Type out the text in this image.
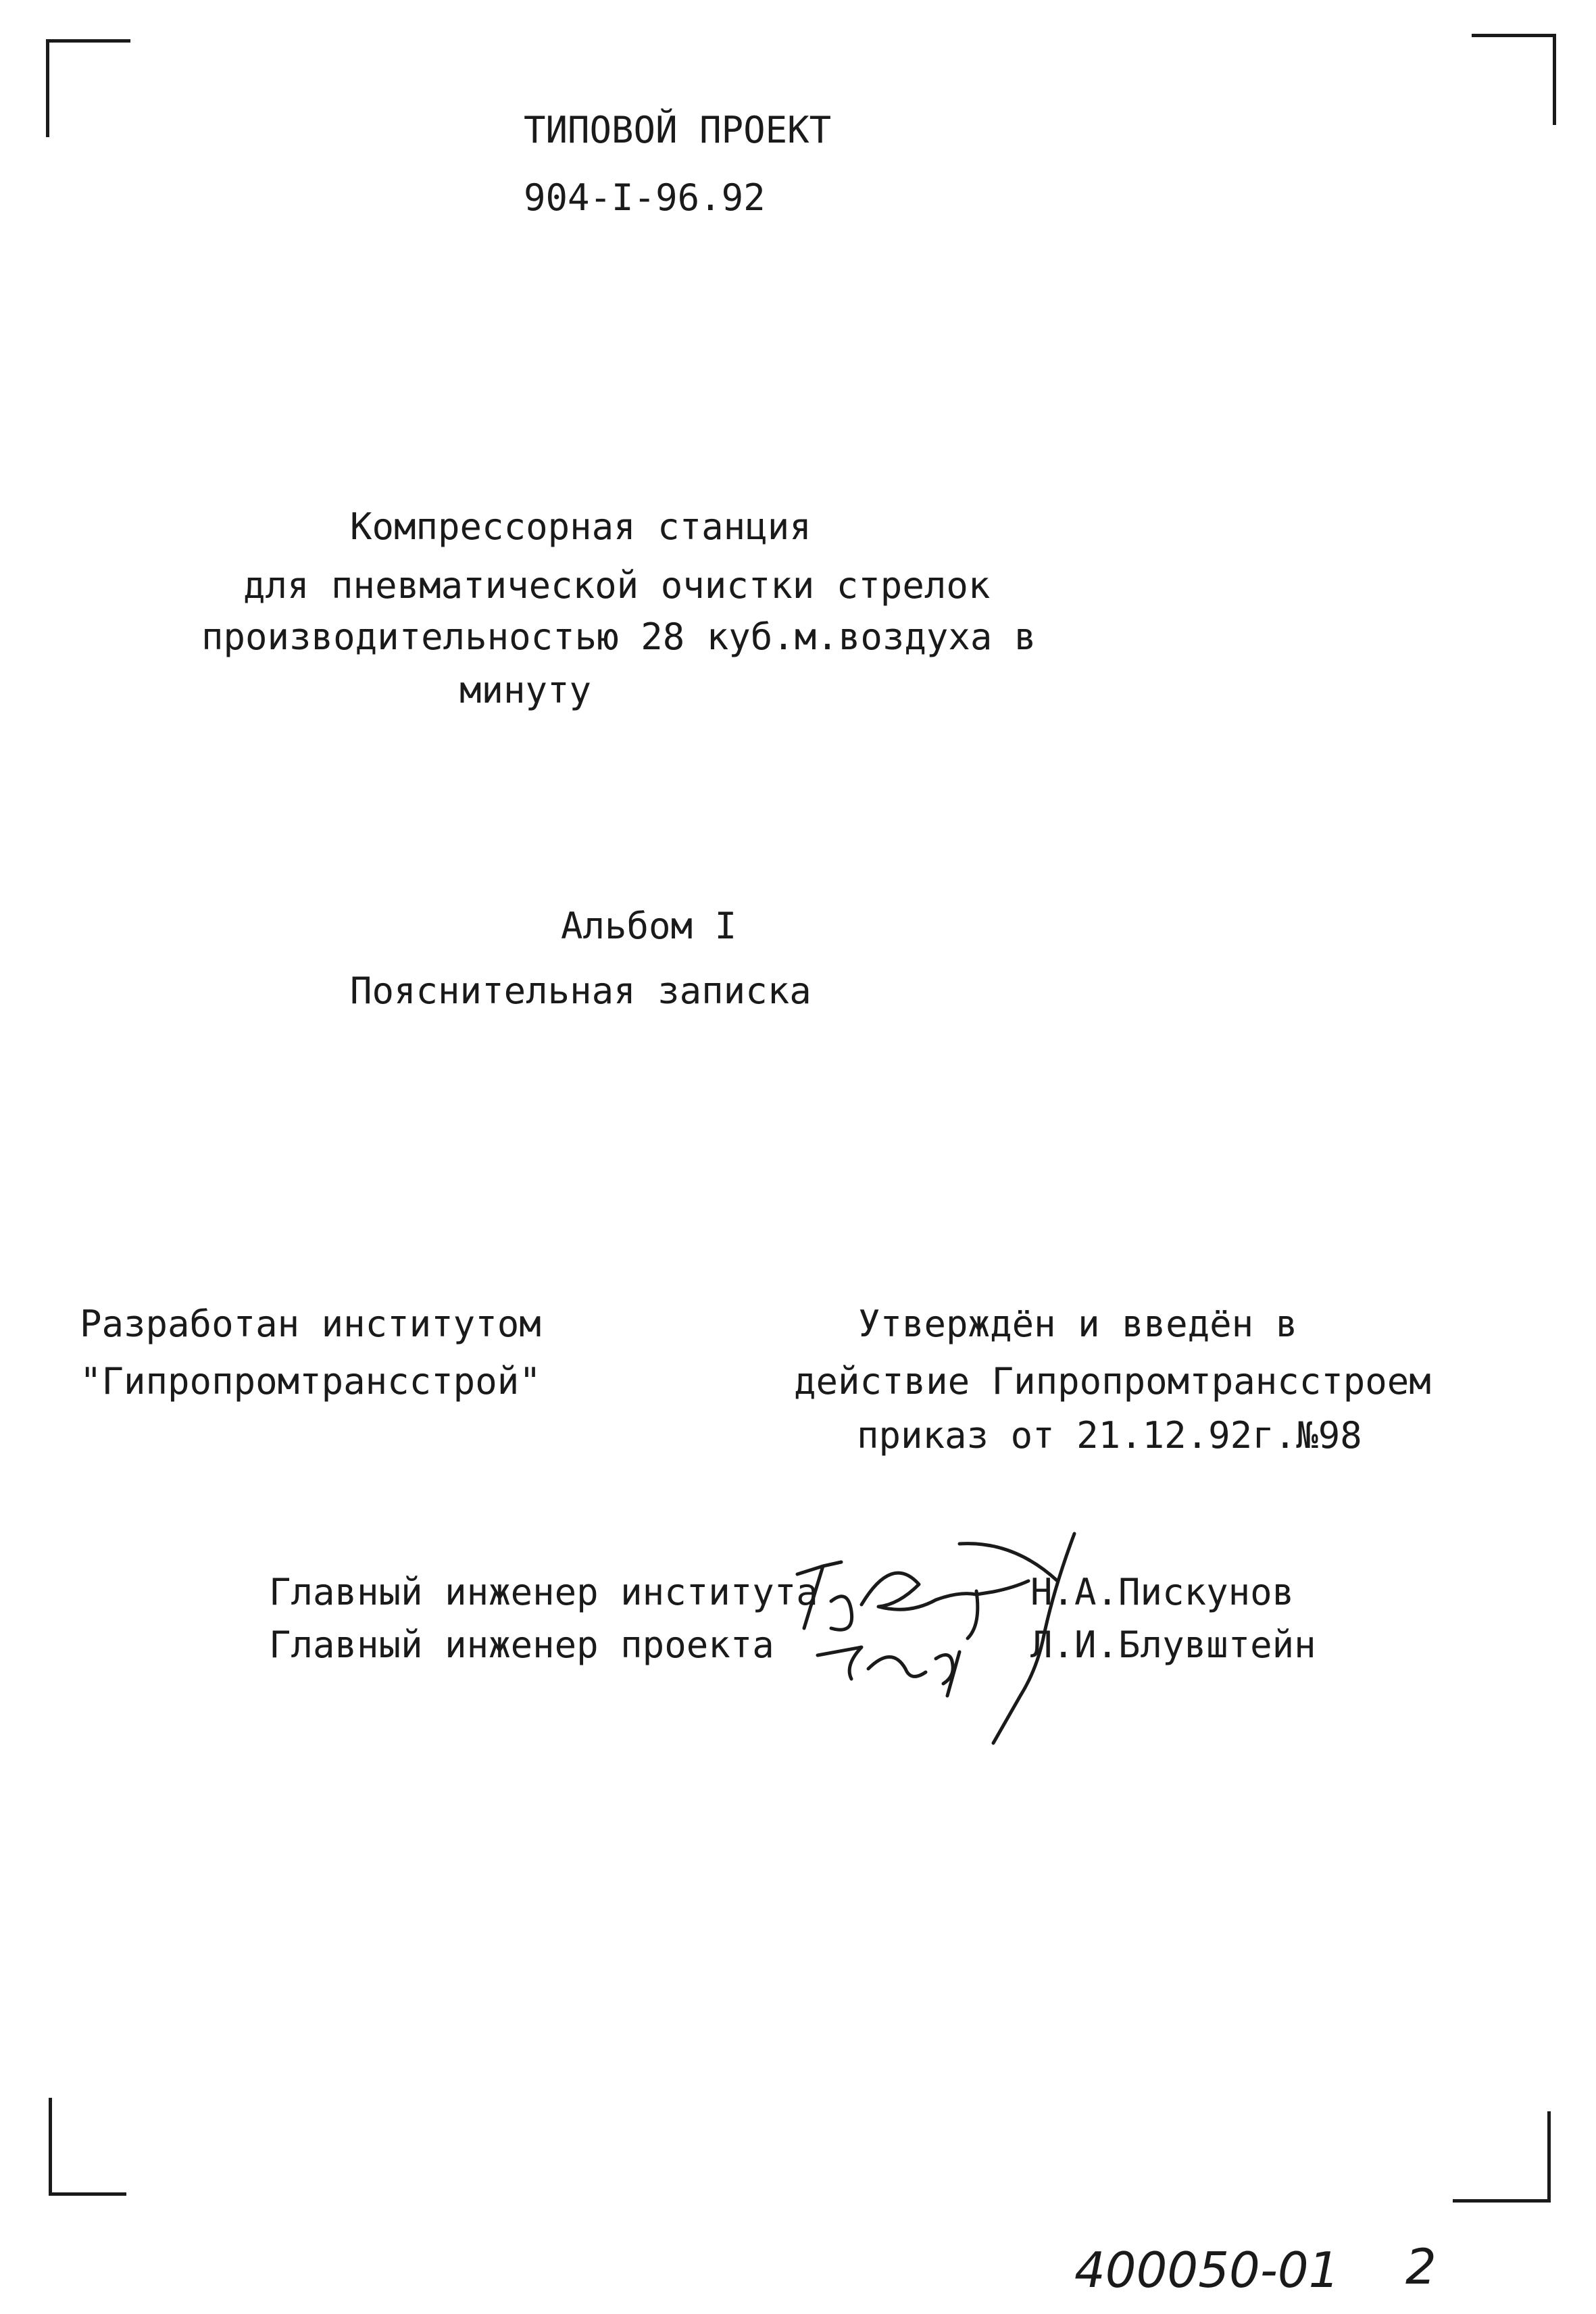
ТИПОВОЙ ПРОЕКТ

904-I-96.92

Компрессорная станция

для пневматической очистки стрелок

производительностью 28 куб.м.воздуха в

минуту

Альбом I

Пояснительная записка

Разработан институтом

"Гипропромтрансстрой"

Утверждён и введён в

действие Гипропромтрансстроем

приказ от 21.12.92г.№98

Главный инженер института	Н.А.Пискунов

Главный инженер проекта	Л.И.Блувштейн

400050-01 2
